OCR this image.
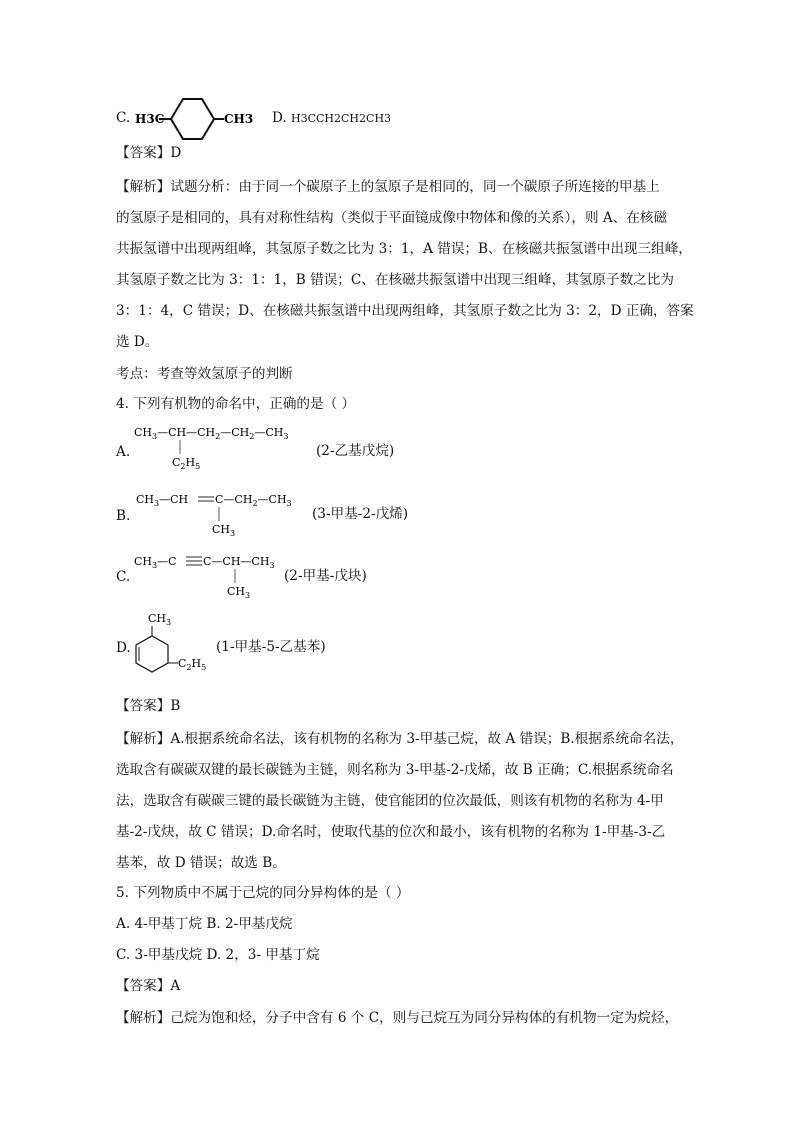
C. H3C	CH3 D. H3CCH2CH2CH3
【答案】D
【解析】试题分析：由于同一个碳原子上的氢原子是相同的，同一个碳原子所连接的甲基上
的氢原子是相同的，具有对称性结构（类似于平面镜成像中物体和像的关系），则 A、在核磁
共振氢谱中出现两组峰，其氢原子数之比为 3：1，A 错误；B、在核磁共振氢谱中出现三组峰，
其氢原子数之比为 3：1：1，B 错误；C、在核磁共振氢谱中出现三组峰，其氢原子数之比为
3：1：4，C 错误；D、在核磁共振氢谱中出现两组峰，其氢原子数之比为 3：2，D 正确，答案
选 D。
考点：考查等效氢原子的判断
4. 下列有机物的命名中，正确的是（ ）
A.
$CH_3—CH—CH_2—CH_2—CH_3$
$C_2H_5$
(2-乙基戊烷)
B.
$CH_3—CH$ $C—CH_2—CH_3$
$CH_3$
(3-甲基-2-戊烯)
C.
$CH_3—C$ $C—CH—CH_3$
$CH_3$
(2-甲基-戊块)
D.
$CH_3$
$C_2H_5$
(1-甲基-5-乙基苯)
【答案】B
【解析】A.根据系统命名法，该有机物的名称为 3-甲基己烷，故 A 错误；B.根据系统命名法，
选取含有碳碳双键的最长碳链为主链，则名称为 3-甲基-2-戊烯，故 B 正确；C.根据系统命名
法，选取含有碳碳三键的最长碳链为主链，使官能团的位次最低，则该有机物的名称为 4-甲
基-2-戊炔，故 C 错误；D.命名时，使取代基的位次和最小，该有机物的名称为 1-甲基-3-乙
基苯，故 D 错误；故选 B。
5. 下列物质中不属于己烷的同分异构体的是（ ）
A. 4-甲基丁烷 B. 2-甲基戊烷
C. 3-甲基戊烷 D. 2，3- 甲基丁烷
【答案】A
【解析】己烷为饱和烃，分子中含有 6 个 C，则与己烷互为同分异构体的有机物一定为烷烃，
